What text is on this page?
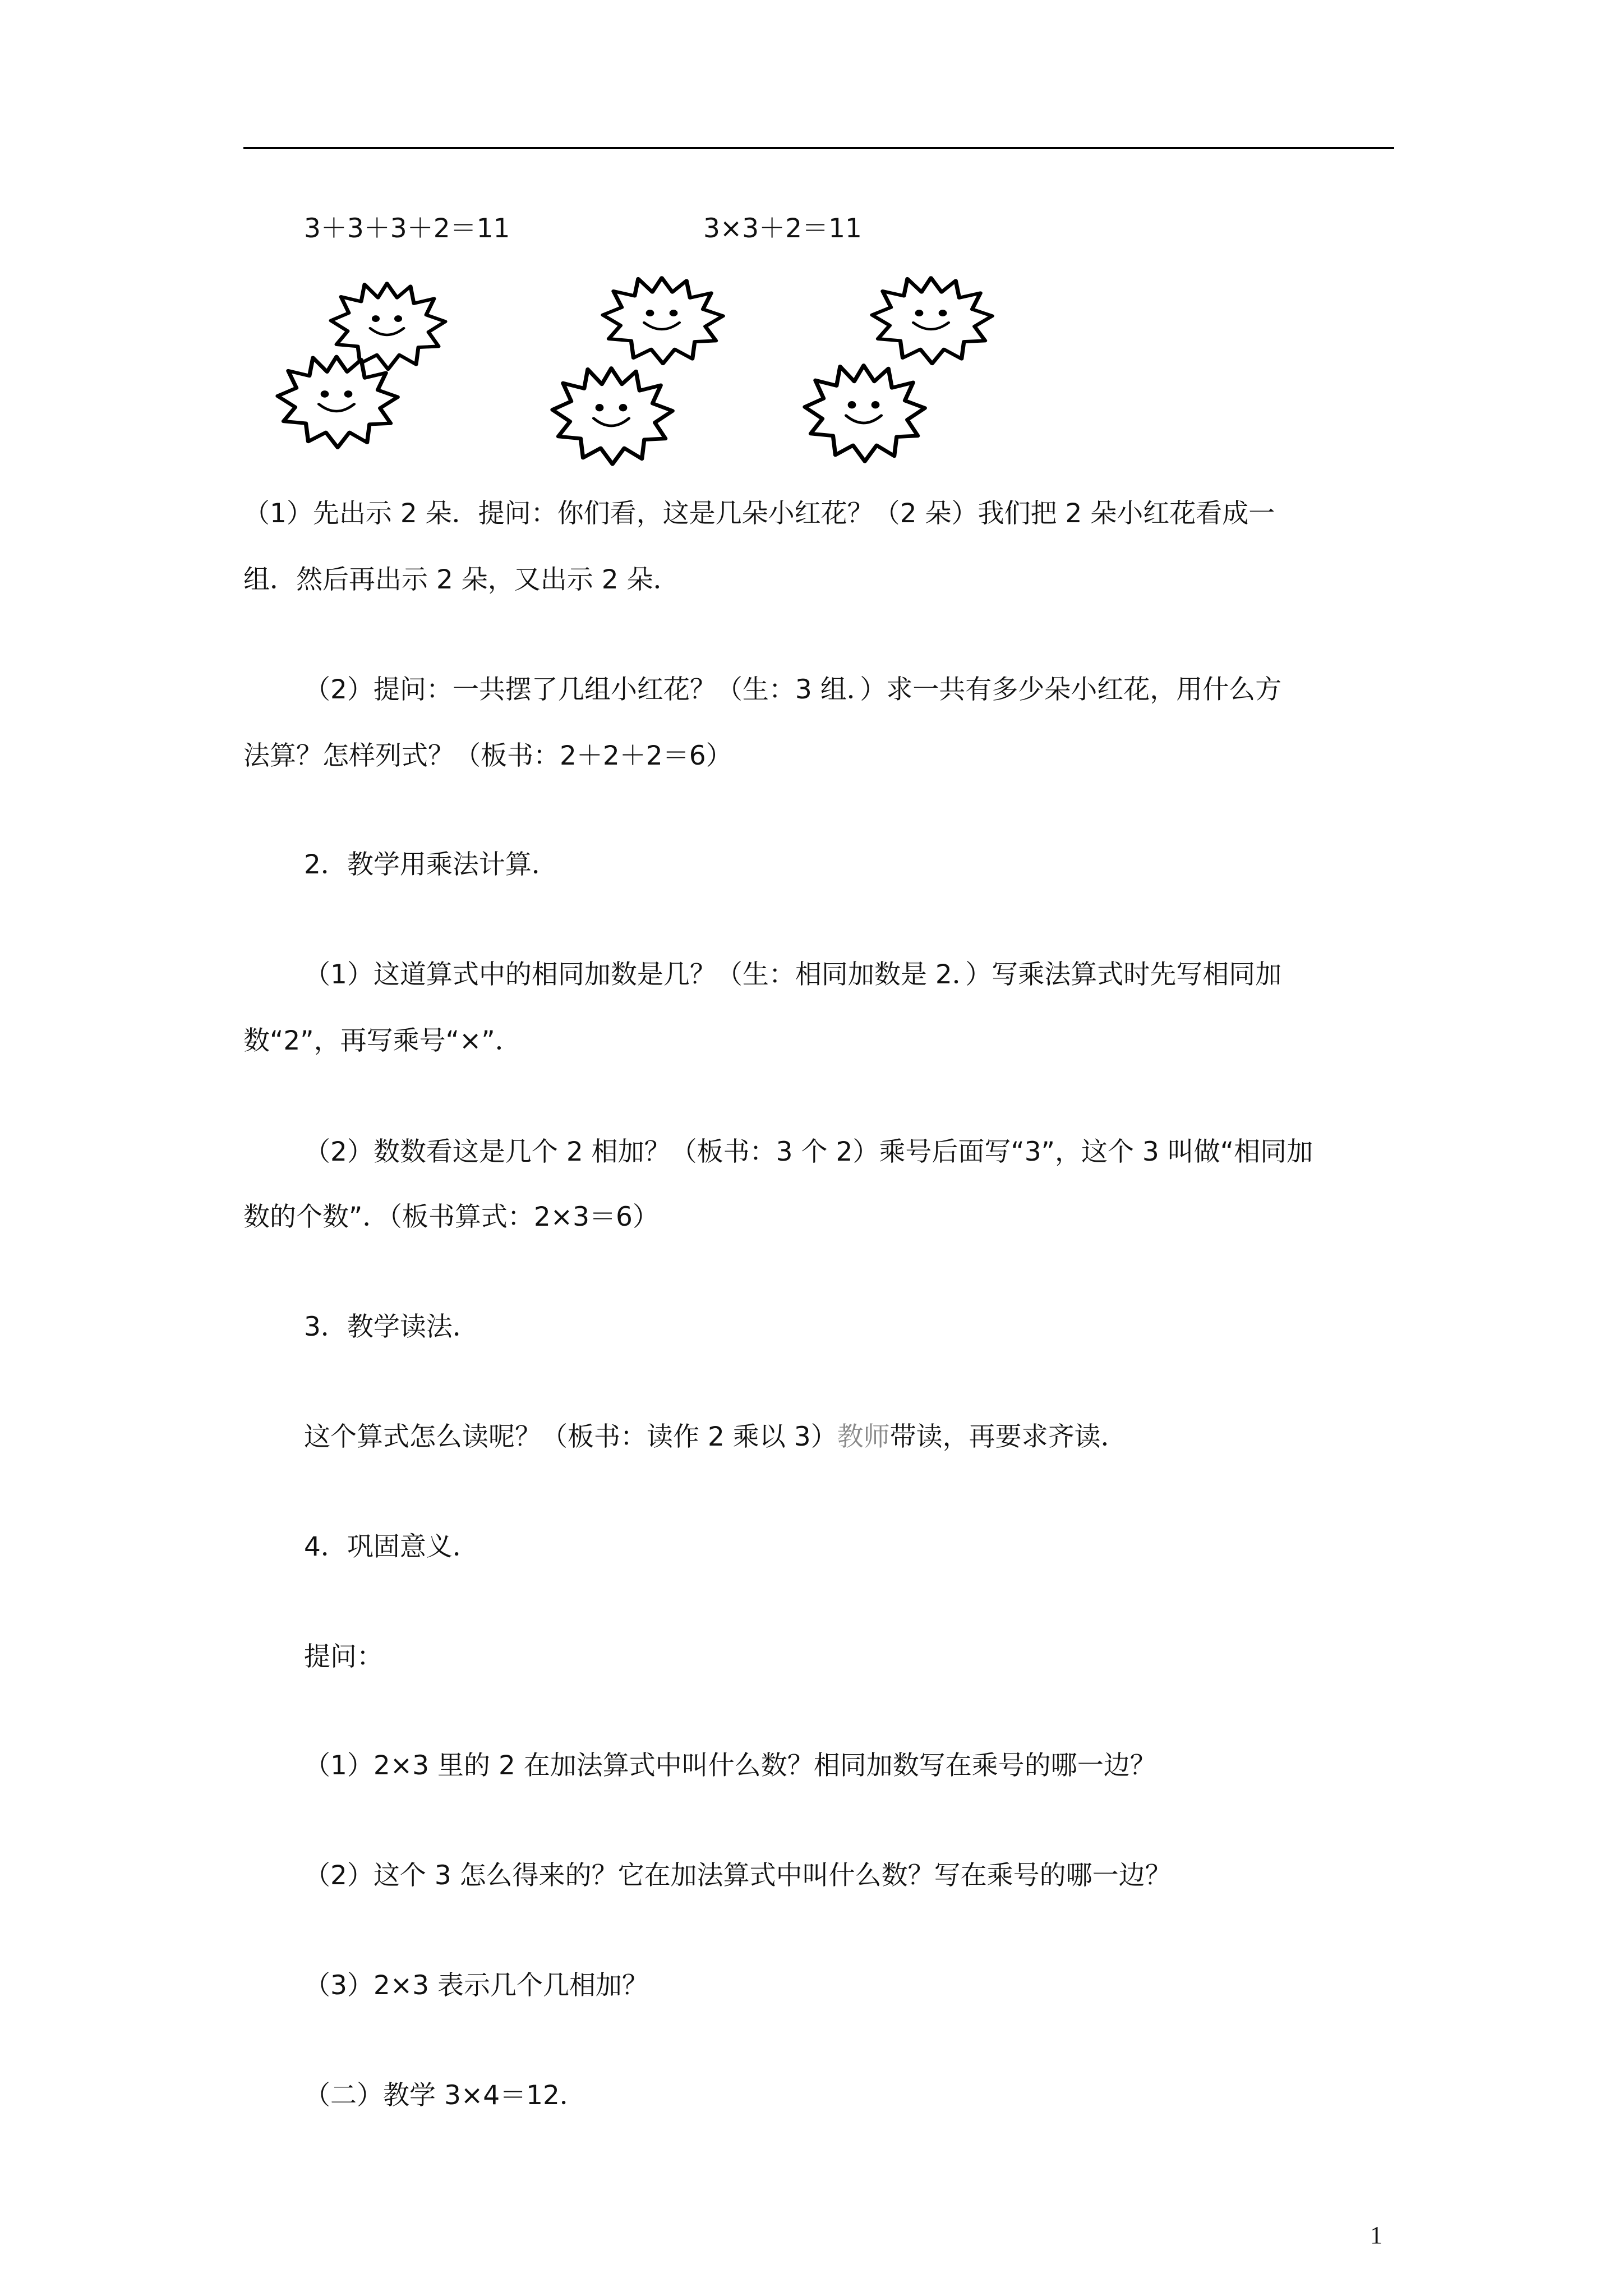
3＋3＋3＋2＝11	3×3＋2＝11
（1）先出示 2 朵．提问：你们看，这是几朵小红花？（2 朵）我们把 2 朵小红花看成一
组．然后再出示 2 朵，又出示 2 朵．
（2）提问：一共摆了几组小红花？（生：3 组．）求一共有多少朵小红花，用什么方
法算？怎样列式？（板书：2＋2＋2＝6）
2．教学用乘法计算．
（1）这道算式中的相同加数是几？（生：相同加数是 2．）写乘法算式时先写相同加
数“2”，再写乘号“×”．
（2）数数看这是几个 2 相加？（板书：3 个 2）乘号后面写“3”，这个 3 叫做“相同加
数的个数”．（板书算式：2×3＝6）
3．教学读法．
这个算式怎么读呢？（板书：读作 2 乘以 3）教师带读，再要求齐读．
4．巩固意义．
提问：
（1）2×3 里的 2 在加法算式中叫什么数？相同加数写在乘号的哪一边？
（2）这个 3 怎么得来的？它在加法算式中叫什么数？写在乘号的哪一边？
（3）2×3 表示几个几相加？
（二）教学 3×4＝12．
1
